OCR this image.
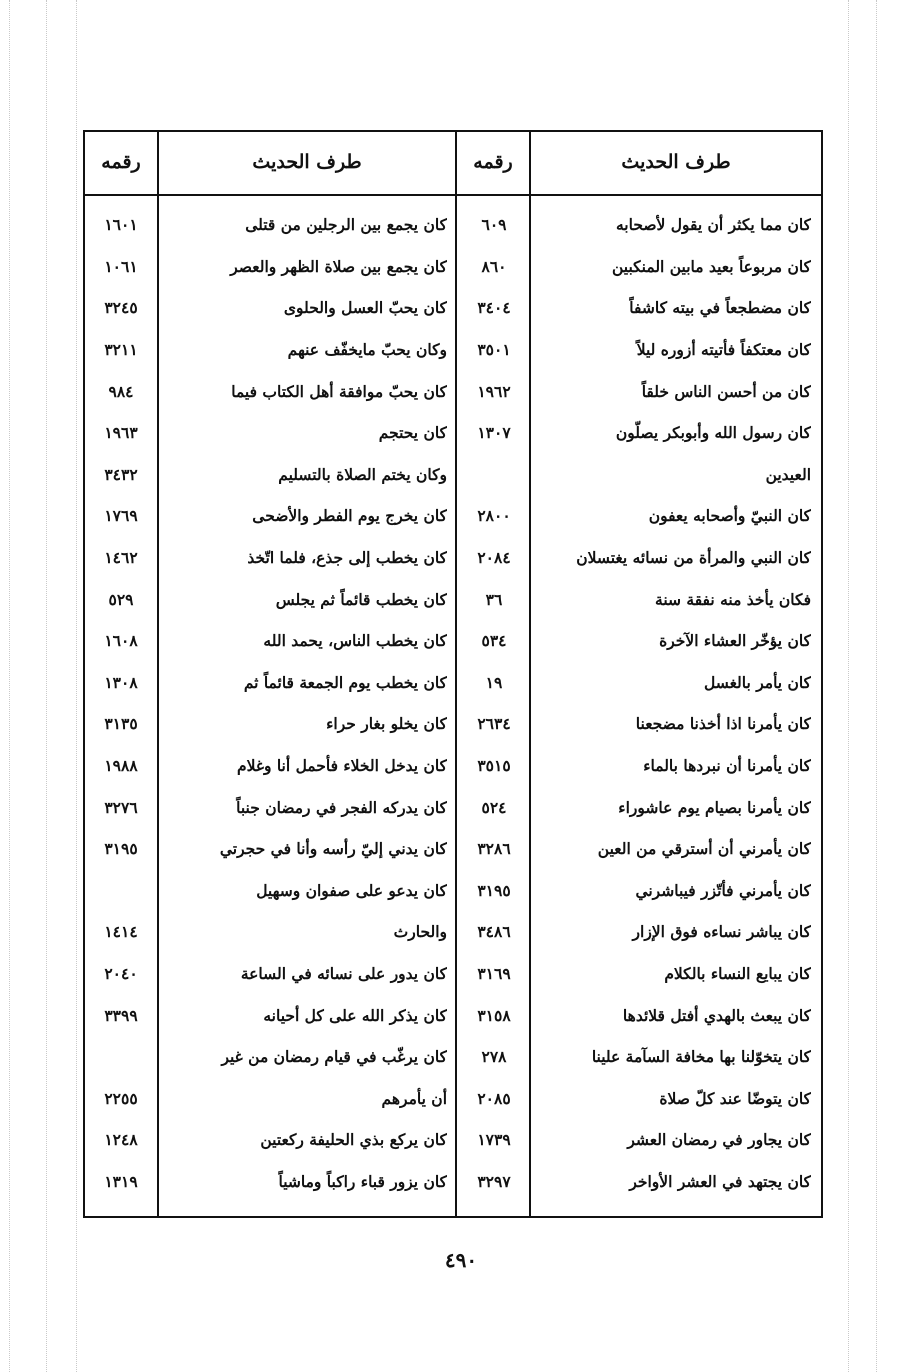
طرف الحديث
رقمه
طرف الحديث
رقمه
كان مما يكثر أن يقول لأصحابه
٦٠٩
كان يجمع بين الرجلين من قتلى
١٦٠١
كان مربوعاً بعيد مابين المنكبين
٨٦٠
كان يجمع بين صلاة الظهر والعصر
١٠٦١
كان مضطجعاً في بيته كاشفاً
٣٤٠٤
كان يحبّ العسل والحلوى
٣٢٤٥
كان معتكفاً فأتيته أزوره ليلاً
٣٥٠١
وكان يحبّ مايخفّف عنهم
٣٢١١
كان من أحسن الناس خلقاً
١٩٦٢
كان يحبّ موافقة أهل الكتاب فيما
٩٨٤
كان رسول الله وأبوبكر يصلّون
١٣٠٧
كان يحتجم
١٩٦٣
العيدين
وكان يختم الصلاة بالتسليم
٣٤٣٢
كان النبيّ وأصحابه يعفون
٢٨٠٠
كان يخرج يوم الفطر والأضحى
١٧٦٩
كان النبي والمرأة من نسائه يغتسلان
٢٠٨٤
كان يخطب إلى جذع، فلما اتّخذ
١٤٦٢
فكان يأخذ منه نفقة سنة
٣٦
كان يخطب قائماً ثم يجلس
٥٢٩
كان يؤخّر العشاء الآخرة
٥٣٤
كان يخطب الناس، يحمد الله
١٦٠٨
كان يأمر بالغسل
١٩
كان يخطب يوم الجمعة قائماً ثم
١٣٠٨
كان يأمرنا اذا أخذنا مضجعنا
٢٦٣٤
كان يخلو بغار حراء
٣١٣٥
كان يأمرنا أن نبردها بالماء
٣٥١٥
كان يدخل الخلاء فأحمل أنا وغلام
١٩٨٨
كان يأمرنا بصيام يوم عاشوراء
٥٢٤
كان يدركه الفجر في رمضان جنباً
٣٢٧٦
كان يأمرني أن أسترقي من العين
٣٢٨٦
كان يدني إليّ رأسه وأنا في حجرتي
٣١٩٥
كان يأمرني فأتّزر فيباشرني
٣١٩٥
كان يدعو على صفوان وسهيل
كان يباشر نساءه فوق الإزار
٣٤٨٦
والحارث
١٤١٤
كان يبايع النساء بالكلام
٣١٦٩
كان يدور على نسائه في الساعة
٢٠٤٠
كان يبعث بالهدي أفتل قلائدها
٣١٥٨
كان يذكر الله على كل أحيانه
٣٣٩٩
كان يتخوّلنا بها مخافة السآمة علينا
٢٧٨
كان يرغّب في قيام رمضان من غير
كان يتوضّا عند كلّ صلاة
٢٠٨٥
أن يأمرهم
٢٢٥٥
كان يجاور في رمضان العشر
١٧٣٩
كان يركع بذي الحليفة ركعتين
١٢٤٨
كان يجتهد في العشر الأواخر
٣٢٩٧
كان يزور قباء راكباً وماشياً
١٣١٩
٤٩٠
